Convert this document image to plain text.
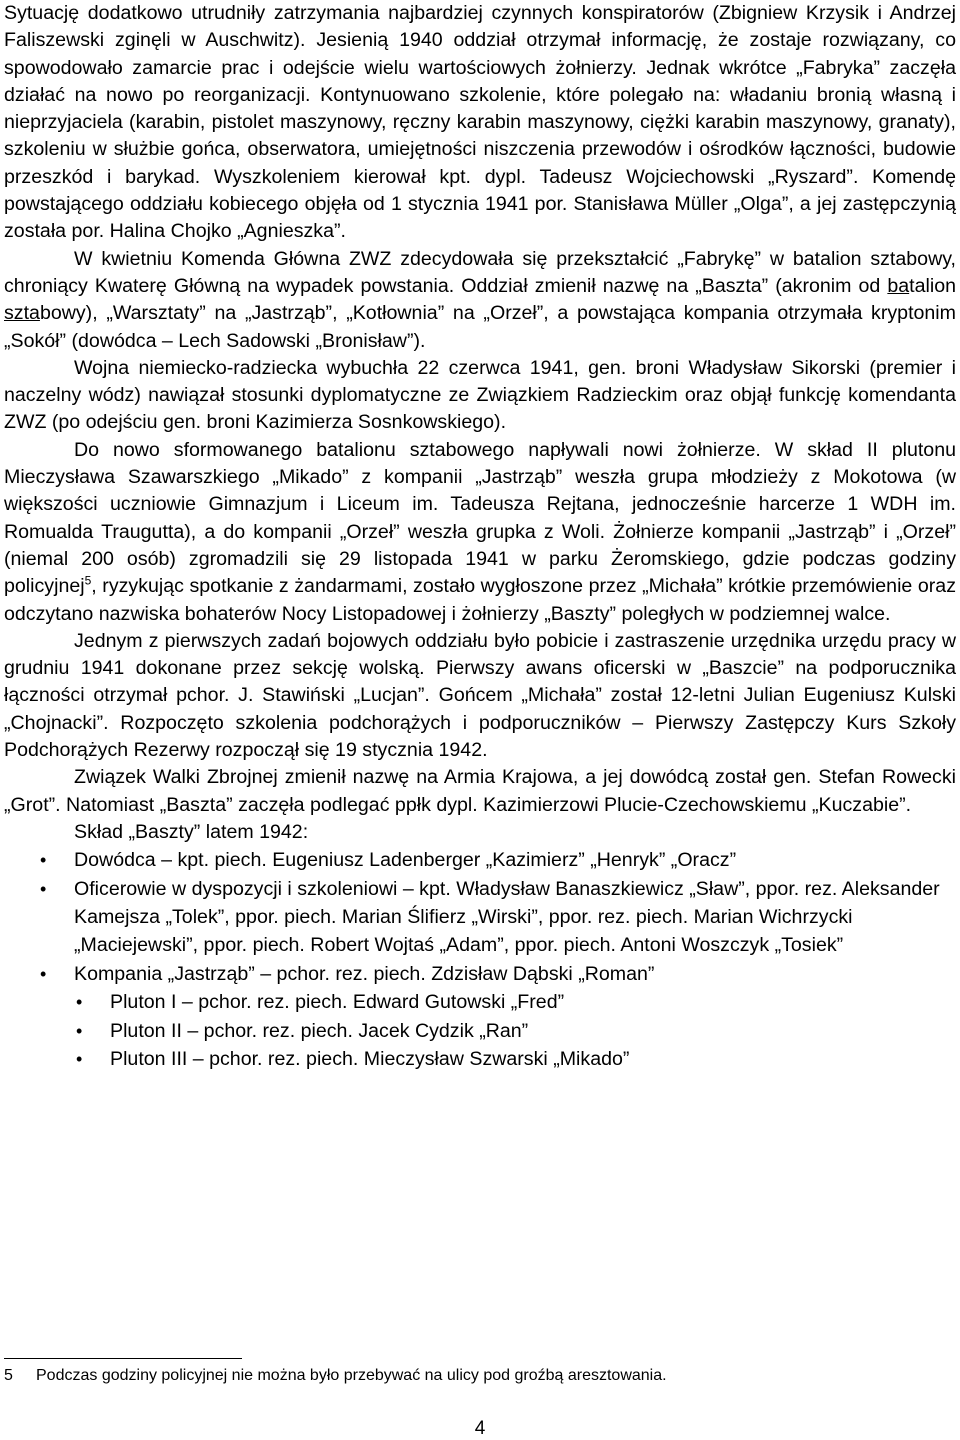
Sytuację dodatkowo utrudniły zatrzymania najbardziej czynnych konspiratorów (Zbigniew Krzysik i Andrzej Faliszewski zginęli w Auschwitz). Jesienią 1940 oddział otrzymał informację, że zostaje rozwiązany, co spowodowało zamarcie prac i odejście wielu wartościowych żołnierzy. Jednak wkrótce „Fabryka” zaczęła działać na nowo po reorganizacji. Kontynuowano szkolenie, które polegało na: władaniu bronią własną i nieprzyjaciela (karabin, pistolet maszynowy, ręczny karabin maszynowy, ciężki karabin maszynowy, granaty), szkoleniu w służbie gońca, obserwatora, umiejętności niszczenia przewodów i ośrodków łączności, budowie przeszkód i barykad. Wyszkoleniem kierował kpt. dypl. Tadeusz Wojciechowski „Ryszard”. Komendę powstającego oddziału kobiecego objęła od 1 stycznia 1941 por. Stanisława Müller „Olga”, a jej zastępczynią została por. Halina Chojko „Agnieszka”.

W kwietniu Komenda Główna ZWZ zdecydowała się przekształcić „Fabrykę” w batalion sztabowy, chroniący Kwaterę Główną na wypadek powstania. Oddział zmienił nazwę na „Baszta” (akronim od batalion sztabowy), „Warsztaty” na „Jastrząb”, „Kotłownia” na „Orzeł”, a powstająca kompania otrzymała kryptonim „Sokół” (dowódca – Lech Sadowski „Bronisław”).

Wojna niemiecko-radziecka wybuchła 22 czerwca 1941, gen. broni Władysław Sikorski (premier i naczelny wódz) nawiązał stosunki dyplomatyczne ze Związkiem Radzieckim oraz objął funkcję komendanta ZWZ (po odejściu gen. broni Kazimierza Sosnkowskiego).

Do nowo sformowanego batalionu sztabowego napływali nowi żołnierze. W skład II plutonu Mieczysława Szawarszkiego „Mikado” z kompanii „Jastrząb” weszła grupa młodzieży z Mokotowa (w większości uczniowie Gimnazjum i Liceum im. Tadeusza Rejtana, jednocześnie harcerze 1 WDH im. Romualda Traugutta), a do kompanii „Orzeł” weszła grupka z Woli. Żołnierze kompanii „Jastrząb” i „Orzeł” (niemal 200 osób) zgromadzili się 29 listopada 1941 w parku Żeromskiego, gdzie podczas godziny policyjnej$^5$, ryzykując spotkanie z żandarmami, zostało wygłoszone przez „Michała” krótkie przemówienie oraz odczytano nazwiska bohaterów Nocy Listopadowej i żołnierzy „Baszty” poległych w podziemnej walce.

Jednym z pierwszych zadań bojowych oddziału było pobicie i zastraszenie urzędnika urzędu pracy w grudniu 1941 dokonane przez sekcję wolską. Pierwszy awans oficerski w „Baszcie” na podporucznika łączności otrzymał pchor. J. Stawiński „Lucjan”. Gońcem „Michała” został 12-letni Julian Eugeniusz Kulski „Chojnacki”. Rozpoczęto szkolenia podchorążych i podporuczników – Pierwszy Zastępczy Kurs Szkoły Podchorążych Rezerwy rozpoczął się 19 stycznia 1942.

Związek Walki Zbrojnej zmienił nazwę na Armia Krajowa, a jej dowódcą został gen. Stefan Rowecki „Grot”. Natomiast „Baszta” zaczęła podlegać ppłk dypl. Kazimierzowi Plucie-Czechowskiemu „Kuczabie”.

Skład „Baszty” latem 1942:

• Dowódca – kpt. piech. Eugeniusz Ladenberger „Kazimierz” „Henryk” „Oracz”
• Oficerowie w dyspozycji i szkoleniowi – kpt. Władysław Banaszkiewicz „Sław”, ppor. rez. Aleksander Kamejsza „Tolek”, ppor. piech. Marian Ślifierz „Wirski”, ppor. rez. piech. Marian Wichrzycki „Maciejewski”, ppor. piech. Robert Wojtaś „Adam”, ppor. piech. Antoni Woszczyk „Tosiek”
• Kompania „Jastrząb” – pchor. rez. piech. Zdzisław Dąbski „Roman”
• Pluton I – pchor. rez. piech. Edward Gutowski „Fred”
• Pluton II – pchor. rez. piech. Jacek Cydzik „Ran”
• Pluton III – pchor. rez. piech. Mieczysław Szwarski „Mikado”
5 Podczas godziny policyjnej nie można było przebywać na ulicy pod groźbą aresztowania.
4
